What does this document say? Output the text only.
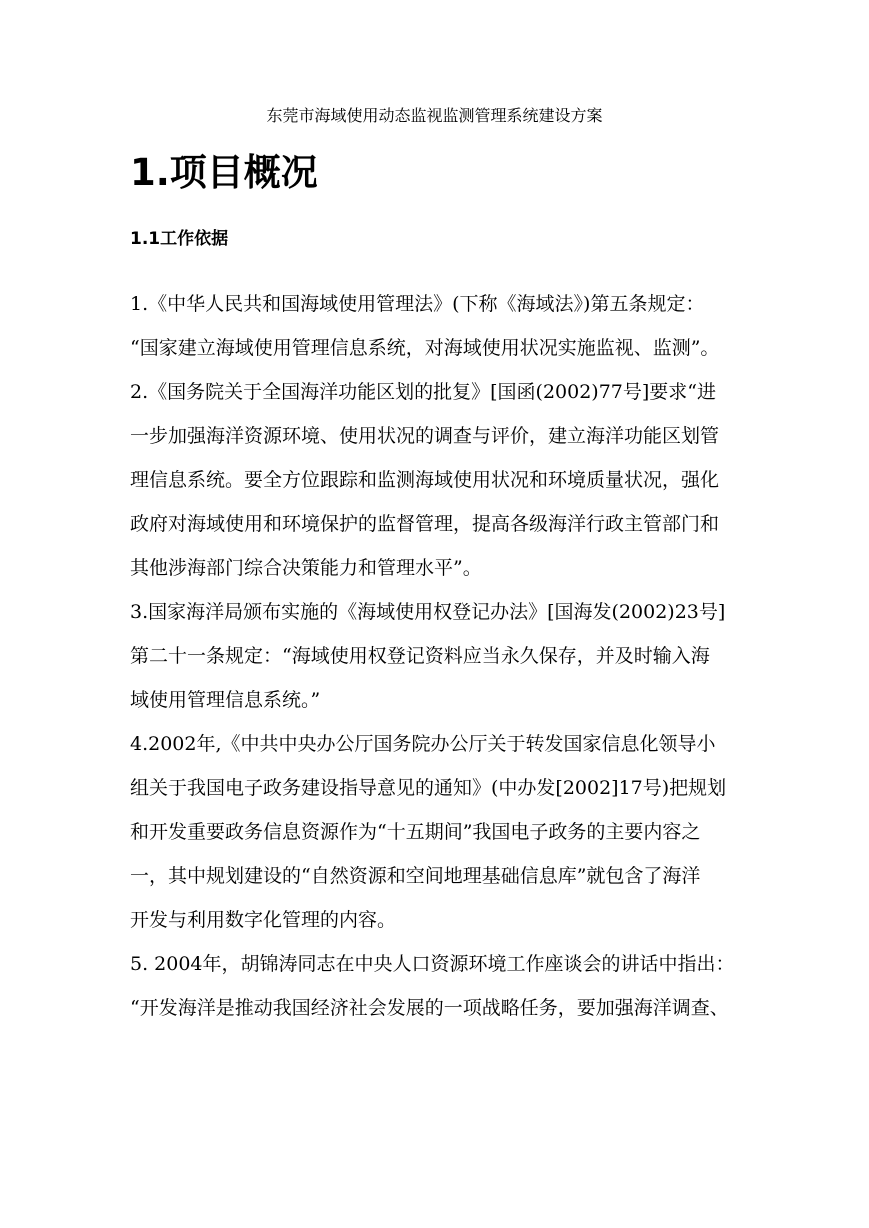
东莞市海域使用动态监视监测管理系统建设方案
1.项目概况
1.1工作依据
1.《中华人民共和国海域使用管理法》(下称《海域法》)第五条规定：
“国家建立海域使用管理信息系统，对海域使用状况实施监视、监测”。
2.《国务院关于全国海洋功能区划的批复》[国函(2002)77号]要求“进
一步加强海洋资源环境、使用状况的调查与评价，建立海洋功能区划管
理信息系统。要全方位跟踪和监测海域使用状况和环境质量状况，强化
政府对海域使用和环境保护的监督管理，提高各级海洋行政主管部门和
其他涉海部门综合决策能力和管理水平”。
3.国家海洋局颁布实施的《海域使用权登记办法》[国海发(2002)23号]
第二十一条规定：“海域使用权登记资料应当永久保存，并及时输入海
域使用管理信息系统。”
4.2002年,《中共中央办公厅国务院办公厅关于转发国家信息化领导小
组关于我国电子政务建设指导意见的通知》(中办发[2002]17号)把规划
和开发重要政务信息资源作为“十五期间”我国电子政务的主要内容之
一，其中规划建设的“自然资源和空间地理基础信息库”就包含了海洋
开发与利用数字化管理的内容。
5. 2004年，胡锦涛同志在中央人口资源环境工作座谈会的讲话中指出：
“开发海洋是推动我国经济社会发展的一项战略任务，要加强海洋调查、
